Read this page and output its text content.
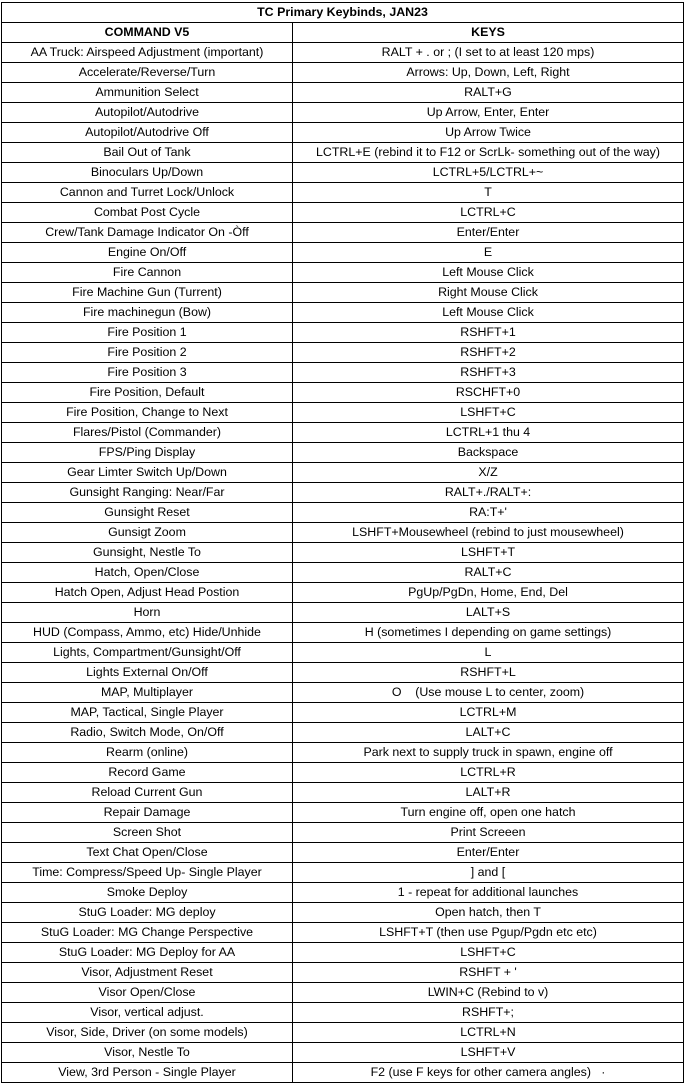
TC Primary Keybinds, JAN23	
COMMAND V5	KEYS
AA Truck: Airspeed Adjustment (important)	RALT + . or ; (I set to at least 120 mps)
Accelerate/Reverse/Turn	Arrows: Up, Down, Left, Right
Ammunition Select	RALT+G
Autopilot/Autodrive	Up Arrow, Enter, Enter
Autopilot/Autodrive Off	Up Arrow Twice
Bail Out of Tank	LCTRL+E (rebind it to F12 or ScrLk- something out of the way)
Binoculars Up/Down	LCTRL+5/LCTRL+~
Cannon and Turret Lock/Unlock	T
Combat Post Cycle	LCTRL+C
Crew/Tank Damage Indicator On -Òff	Enter/Enter
Engine On/Off	E
Fire Cannon	Left Mouse Click
Fire Machine Gun (Turrent)	Right Mouse Click
Fire machinegun (Bow)	Left Mouse Click
Fire Position 1	RSHFT+1
Fire Position 2	RSHFT+2
Fire Position 3	RSHFT+3
Fire Position, Default	RSCHFT+0
Fire Position, Change to Next	LSHFT+C
Flares/Pistol (Commander)	LCTRL+1 thu 4
FPS/Ping Display	Backspace
Gear Limter Switch Up/Down	X/Z
Gunsight Ranging: Near/Far	RALT+./RALT+:
Gunsight Reset	RA:T+'
Gunsigt Zoom	LSHFT+Mousewheel (rebind to just mousewheel)
Gunsight, Nestle To	LSHFT+T
Hatch, Open/Close	RALT+C
Hatch Open, Adjust Head Postion	PgUp/PgDn, Home, End, Del
Horn	LALT+S
HUD (Compass, Ammo, etc) Hide/Unhide	H (sometimes I depending on game settings)
Lights, Compartment/Gunsight/Off	L
Lights External On/Off	RSHFT+L
MAP, Multiplayer	O    (Use mouse L to center, zoom)
MAP, Tactical, Single Player	LCTRL+M
Radio, Switch Mode, On/Off	LALT+C
Rearm (online)	Park next to supply truck in spawn, engine off
Record Game	LCTRL+R
Reload Current Gun	LALT+R
Repair Damage	Turn engine off, open one hatch
Screen Shot	Print Screeen
Text Chat Open/Close	Enter/Enter
Time: Compress/Speed Up- Single Player	] and [
Smoke Deploy	1 - repeat for additional launches
StuG Loader: MG deploy	Open hatch, then T
StuG Loader: MG Change Perspective	LSHFT+T (then use Pgup/Pgdn etc etc)
StuG Loader: MG Deploy for AA	LSHFT+C
Visor, Adjustment Reset	RSHFT + '
Visor Open/Close	LWIN+C (Rebind to v)
Visor, vertical adjust.	RSHFT+;
Visor, Side, Driver (on some models)	LCTRL+N
Visor, Nestle To	LSHFT+V
View, 3rd Person - Single Player	F2 (use F keys for other camera angles)   ·
